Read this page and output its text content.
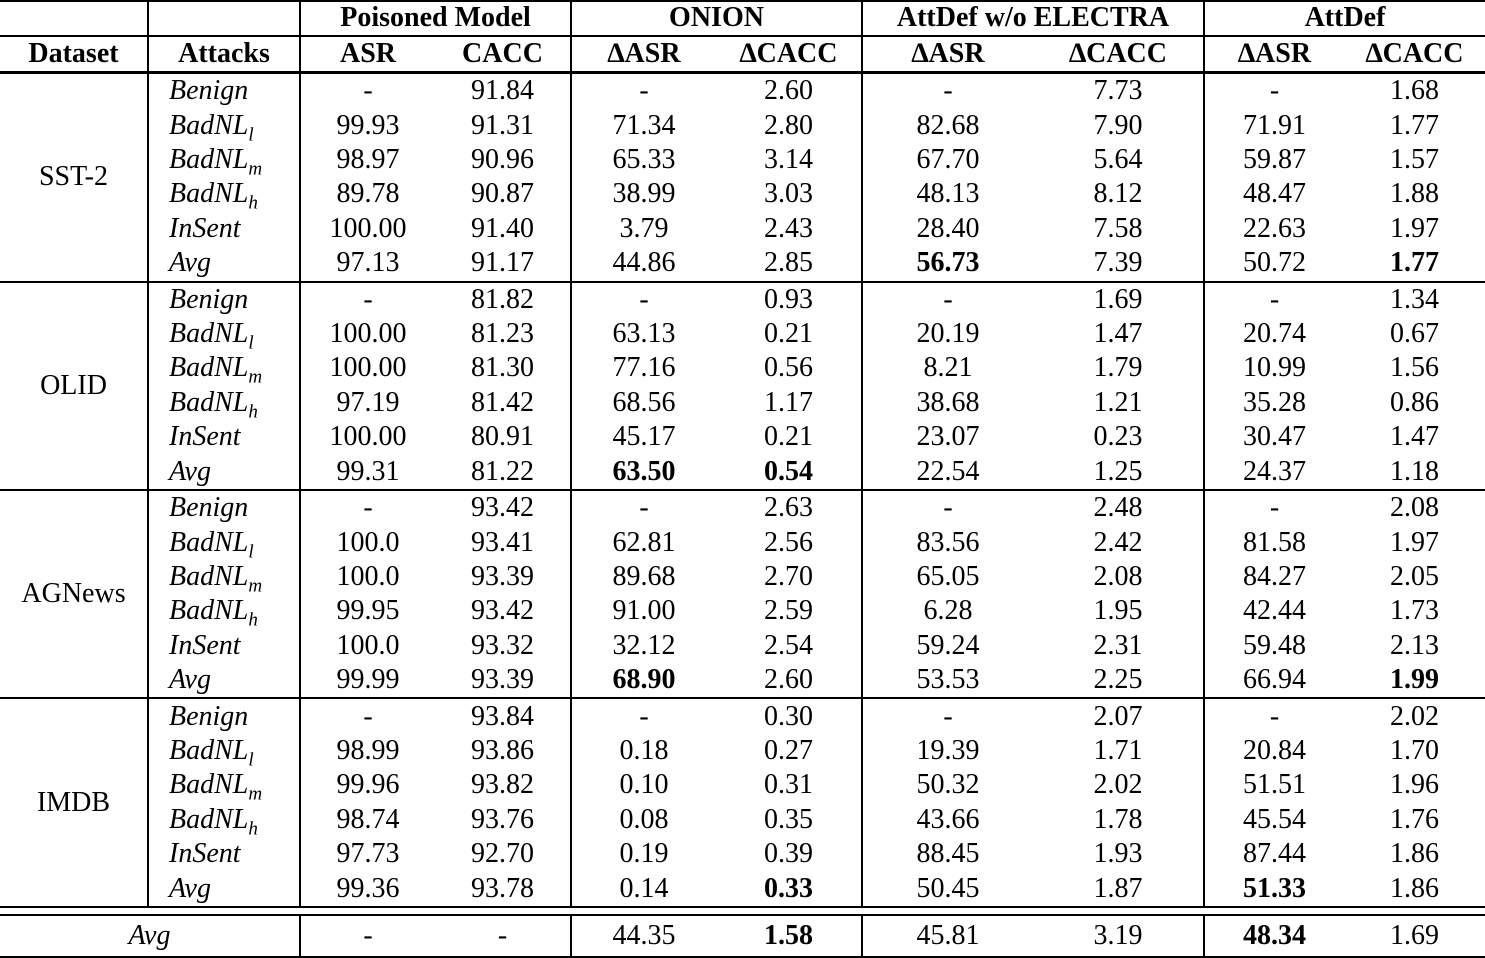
		Poisoned Model		ONION		AttDef w/o ELECTRA		AttDef	
Dataset	Attacks	ASR	CACC	∆ASR	∆CACC	∆ASR	∆CACC	∆ASR	∆CACC
SST-2	Benign	-	91.84	-	2.60	-	7.73	-	1.68
	BadNL$_l$	99.93	91.31	71.34	2.80	82.68	7.90	71.91	1.77
	BadNL$_m$	98.97	90.96	65.33	3.14	67.70	5.64	59.87	1.57
	BadNL$_h$	89.78	90.87	38.99	3.03	48.13	8.12	48.47	1.88
	InSent	100.00	91.40	3.79	2.43	28.40	7.58	22.63	1.97
	Avg	97.13	91.17	44.86	2.85	56.73	7.39	50.72	1.77
OLID	Benign	-	81.82	-	0.93	-	1.69	-	1.34
	BadNL$_l$	100.00	81.23	63.13	0.21	20.19	1.47	20.74	0.67
	BadNL$_m$	100.00	81.30	77.16	0.56	8.21	1.79	10.99	1.56
	BadNL$_h$	97.19	81.42	68.56	1.17	38.68	1.21	35.28	0.86
	InSent	100.00	80.91	45.17	0.21	23.07	0.23	30.47	1.47
	Avg	99.31	81.22	63.50	0.54	22.54	1.25	24.37	1.18
AGNews	Benign	-	93.42	-	2.63	-	2.48	-	2.08
	BadNL$_l$	100.0	93.41	62.81	2.56	83.56	2.42	81.58	1.97
	BadNL$_m$	100.0	93.39	89.68	2.70	65.05	2.08	84.27	2.05
	BadNL$_h$	99.95	93.42	91.00	2.59	6.28	1.95	42.44	1.73
	InSent	100.0	93.32	32.12	2.54	59.24	2.31	59.48	2.13
	Avg	99.99	93.39	68.90	2.60	53.53	2.25	66.94	1.99
IMDB	Benign	-	93.84	-	0.30	-	2.07	-	2.02
	BadNL$_l$	98.99	93.86	0.18	0.27	19.39	1.71	20.84	1.70
	BadNL$_m$	99.96	93.82	0.10	0.31	50.32	2.02	51.51	1.96
	BadNL$_h$	98.74	93.76	0.08	0.35	43.66	1.78	45.54	1.76
	InSent	97.73	92.70	0.19	0.39	88.45	1.93	87.44	1.86
	Avg	99.36	93.78	0.14	0.33	50.45	1.87	51.33	1.86

Avg		-	-	44.35	1.58	45.81	3.19	48.34	1.69
